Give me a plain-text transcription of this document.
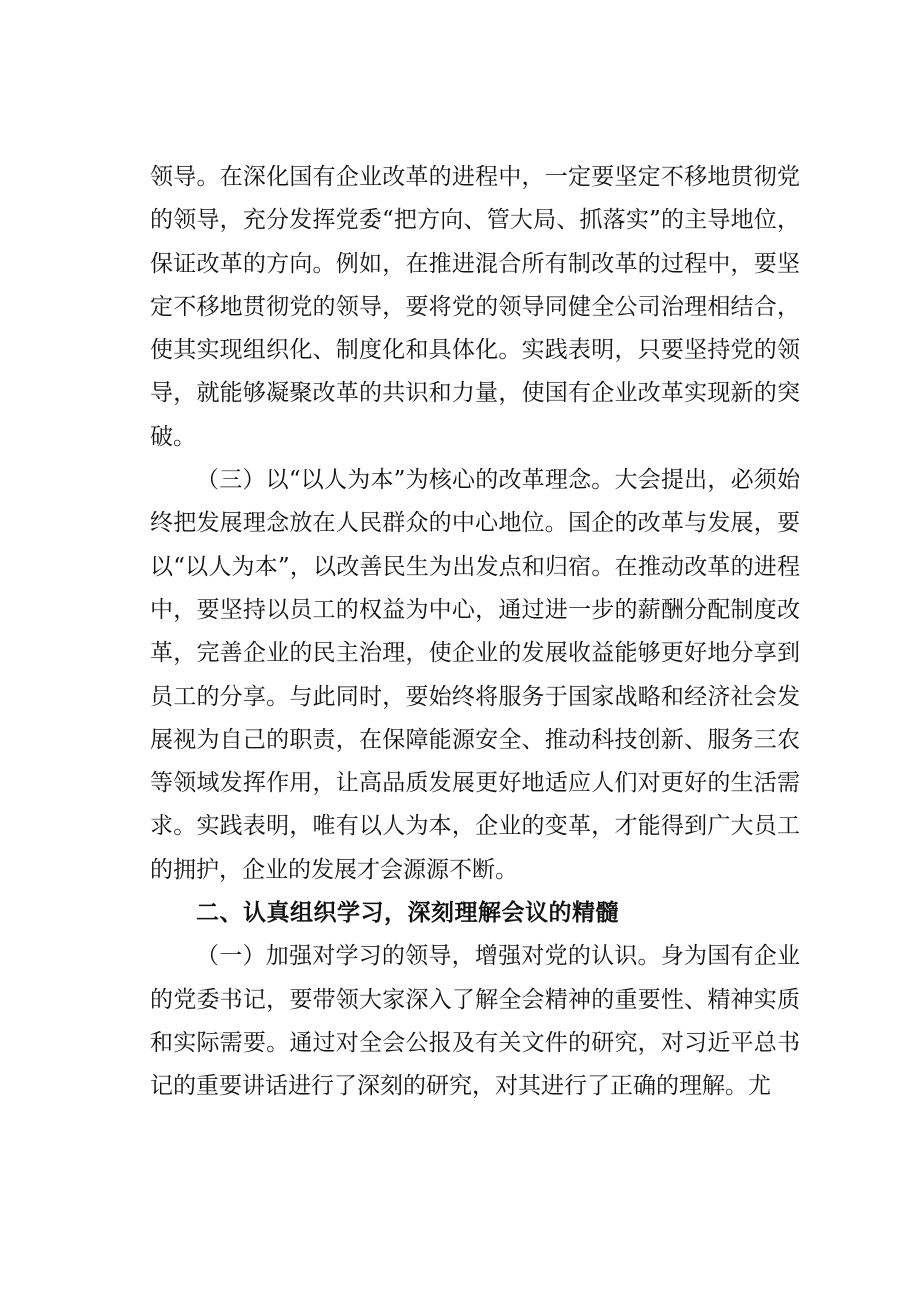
领导。在深化国有企业改革的进程中，一定要坚定不移地贯彻党的领导，充分发挥党委“把方向、管大局、抓落实”的主导地位，保证改革的方向。例如，在推进混合所有制改革的过程中，要坚定不移地贯彻党的领导，要将党的领导同健全公司治理相结合，使其实现组织化、制度化和具体化。实践表明，只要坚持党的领导，就能够凝聚改革的共识和力量，使国有企业改革实现新的突破。

（三）以“以人为本”为核心的改革理念。大会提出，必须始终把发展理念放在人民群众的中心地位。国企的改革与发展，要以“以人为本”，以改善民生为出发点和归宿。在推动改革的进程中，要坚持以员工的权益为中心，通过进一步的薪酬分配制度改革，完善企业的民主治理，使企业的发展收益能够更好地分享到员工的分享。与此同时，要始终将服务于国家战略和经济社会发展视为自己的职责，在保障能源安全、推动科技创新、服务三农等领域发挥作用，让高品质发展更好地适应人们对更好的生活需求。实践表明，唯有以人为本，企业的变革，才能得到广大员工的拥护，企业的发展才会源源不断。

二、认真组织学习，深刻理解会议的精髓

（一）加强对学习的领导，增强对党的认识。身为国有企业的党委书记，要带领大家深入了解全会精神的重要性、精神实质和实际需要。通过对全会公报及有关文件的研究，对习近平总书记的重要讲话进行了深刻的研究，对其进行了正确的理解。尤
